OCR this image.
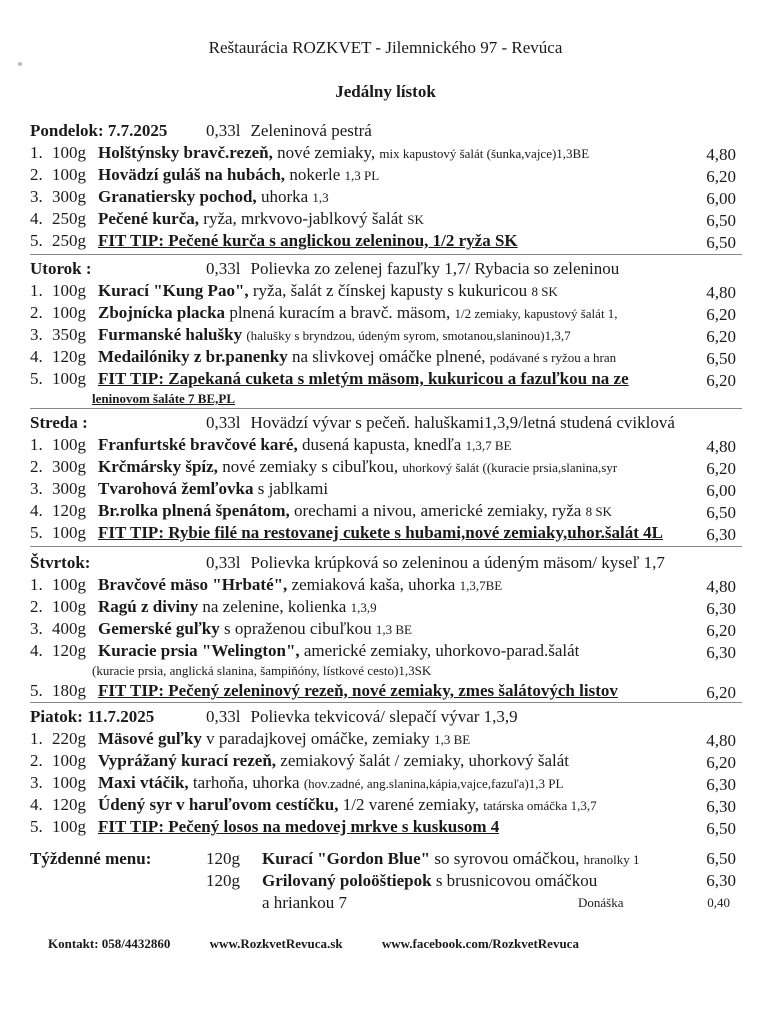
Reštaurácia ROZKVET - Jilemnického 97 - Revúca
Jedálny lístok
Pondelok: 7.7.2025 0,33l Zeleninová pestrá
1. 100g Holštýnsky bravč.rezeň, nové zemiaky, mix kapustový šalát (šunka,vajce)1,3BE	4,80
2. 100g Hovädzí guláš na hubách, nokerle 1,3 PL	6,20
3. 300g Granatiersky pochod, uhorka 1,3	6,00
4. 250g Pečené kurča, ryža, mrkvovo-jablkový šalát SK	6,50
5. 250g FIT TIP: Pečené kurča s anglickou zeleninou, 1/2 ryža SK	6,50
Utorok :	0,33l Polievka zo zelenej fazuľky 1,7/ Rybacia so zeleninou
1. 100g Kurací "Kung Pao", ryža, šalát z čínskej kapusty s kukuricou 8 SK	4,80
2. 100g Zbojnícka placka plnená kuracím a bravč. mäsom, 1/2 zemiaky, kapustový šalát 1,	6,20
3. 350g Furmanské halušky (halušky s bryndzou, údeným syrom, smotanou,slaninou)1,3,7	6,20
4. 120g Medailóniky z br.panenky na slivkovej omáčke plnené, podávané s ryžou a hran	6,50
5. 100g FIT TIP: Zapekaná cuketa s mletým mäsom, kukuricou a fazuľkou na ze	6,20
leninovom šaláte 7 BE,PL
Streda :	0,33l Hovädzí vývar s pečeň. haluškami1,3,9/letná studená cviklová
1. 100g Franfurtské bravčové karé, dusená kapusta, knedľa 1,3,7 BE	4,80
2. 300g Krčmársky špíz, nové zemiaky s cibuľkou, uhorkový šalát ((kuracie prsia,slanina,syr	6,20
3. 300g Tvarohová žemľovka s jablkami	6,00
4. 120g Br.rolka plnená špenátom, orechami a nivou, americké zemiaky, ryža 8 SK	6,50
5. 100g FIT TIP: Rybie filé na restovanej cukete s hubami,nové zemiaky,uhor.šalát 4L	6,30
Štvrtok:	0,33l Polievka krúpková so zeleninou a údeným mäsom/ kyseľ 1,7
1. 100g Bravčové mäso "Hrbaté", zemiaková kaša, uhorka 1,3,7BE	4,80
2. 100g Ragú z diviny na zelenine, kolienka 1,3,9	6,30
3. 400g Gemerské guľky s opraženou cibuľkou 1,3 BE	6,20
4. 120g Kuracie prsia "Welington", americké zemiaky, uhorkovo-parad.šalát	6,30
(kuracie prsia, anglická slanina, šampiňóny, lístkové cesto)1,3SK
5. 180g FIT TIP: Pečený zeleninový rezeň, nové zemiaky, zmes šalátových listov	6,20
Piatok: 11.7.2025	0,33l Polievka tekvicová/ slepačí vývar 1,3,9
1. 220g Mäsové guľky v paradajkovej omáčke, zemiaky 1,3 BE	4,80
2. 100g Vyprážaný kurací rezeň, zemiakový šalát / zemiaky, uhorkový šalát	6,20
3. 100g Maxi vtáčik, tarhoňa, uhorka (hov.zadné, ang.slanina,kápia,vajce,fazuľa)1,3 PL	6,30
4. 120g Údený syr v haruľovom cestíčku, 1/2 varené zemiaky, tatárska omáčka 1,3,7	6,30
5. 100g FIT TIP: Pečený losos na medovej mrkve s kuskusom 4	6,50
Týždenné menu:	120g Kurací "Gordon Blue" so syrovou omáčkou, hranolky 1	6,50
120g Grilovaný poloöštiepok s brusnicovou omáčkou	6,30
a hriankou 7	Donáška	0,40
Kontakt: 058/4432860	www.RozkvetRevuca.sk	www.facebook.com/RozkvetRevuca
